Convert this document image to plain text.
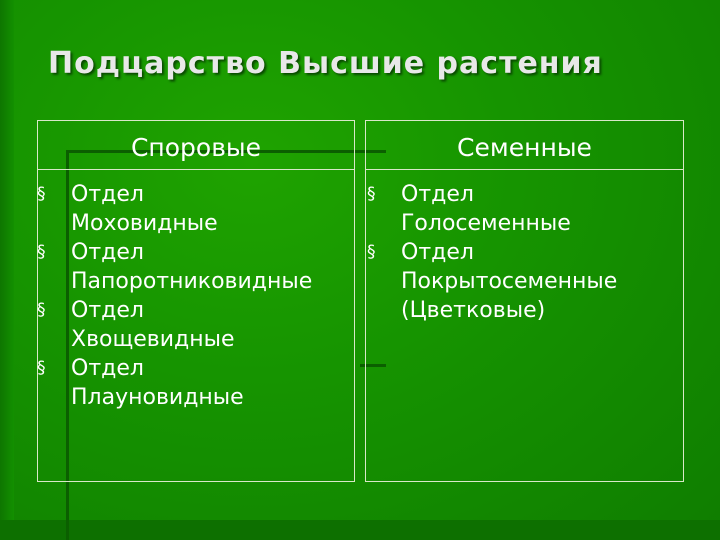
Подцарство Высшие растения
Споровые	Семенные
§ Отдел
Моховидные
§ Отдел
Папоротниковидные
§ Отдел
Хвощевидные
§ Отдел
Плауновидные
§ Отдел
Голосеменные
§ Отдел
Покрытосеменные
(Цветковые)
